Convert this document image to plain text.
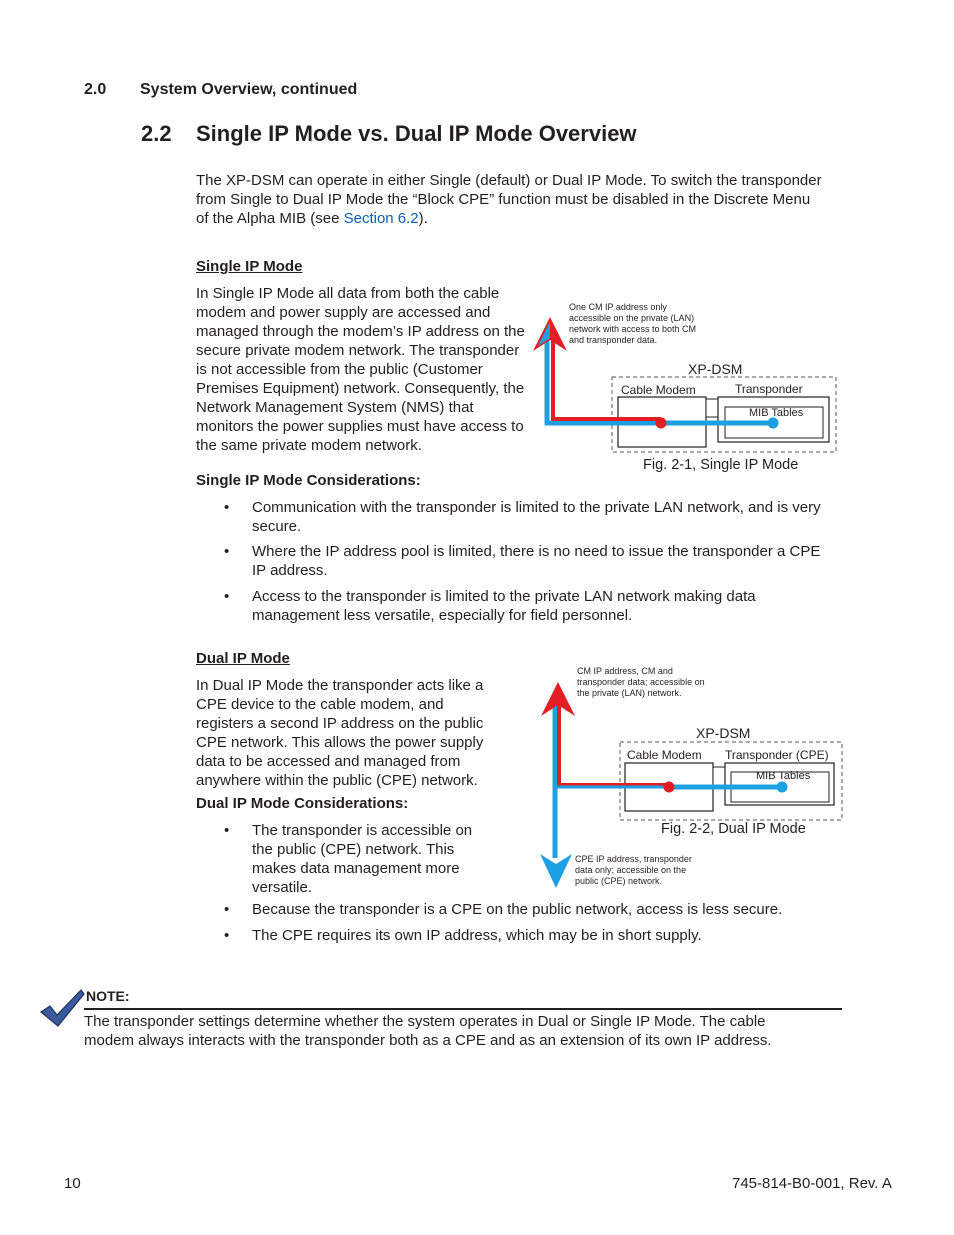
2.0 System Overview, continued
2.2 Single IP Mode vs. Dual IP Mode Overview
The XP-DSM can operate in either Single (default) or Dual IP Mode. To switch the transponder from Single to Dual IP Mode the “Block CPE” function must be disabled in the Discrete Menu of the Alpha MIB (see Section 6.2).
Single IP Mode
In Single IP Mode all data from both the cable modem and power supply are accessed and managed through the modem’s IP address on the secure private modem network. The transponder is not accessible from the public (Customer Premises Equipment) network. Consequently, the Network Management System (NMS) that monitors the power supplies must have access to the same private modem network.
Single IP Mode Considerations:
• Communication with the transponder is limited to the private LAN network, and is very secure.
• Where the IP address pool is limited, there is no need to issue the transponder a CPE IP address.
• Access to the transponder is limited to the private LAN network making data management less versatile, especially for field personnel.
One CM IP address only accessible on the private (LAN) network with access to both CM and transponder data.
XP-DSM
Cable Modem	Transponder
MIB Tables
Fig. 2-1, Single IP Mode
Dual IP Mode
In Dual IP Mode the transponder acts like a CPE device to the cable modem, and registers a second IP address on the public CPE network. This allows the power supply data to be accessed and managed from anywhere within the public (CPE) network.
Dual IP Mode Considerations:
• The transponder is accessible on the public (CPE) network. This makes data management more versatile.
• Because the transponder is a CPE on the public network, access is less secure.
• The CPE requires its own IP address, which may be in short supply.
CM IP address, CM and transponder data; accessible on the private (LAN) network.
XP-DSM
Cable Modem Transponder (CPE)
MIB Tables
Fig. 2-2, Dual IP Mode
CPE IP address, transponder data only; accessible on the public (CPE) network.
NOTE:
The transponder settings determine whether the system operates in Dual or Single IP Mode. The cable modem always interacts with the transponder both as a CPE and as an extension of its own IP address.
10	745-814-B0-001, Rev. A
